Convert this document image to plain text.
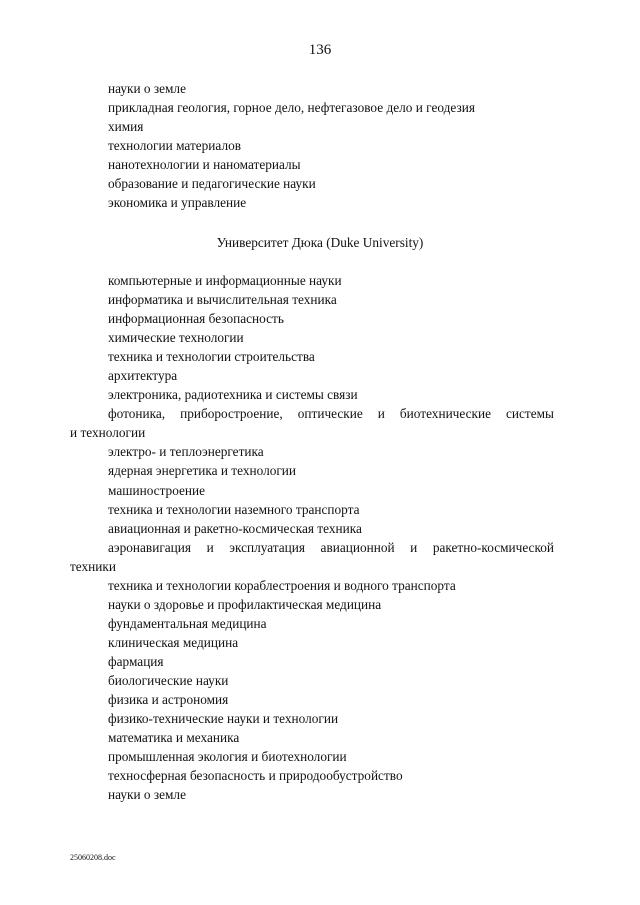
136
науки о земле
прикладная геология, горное дело, нефтегазовое дело и геодезия
химия
технологии материалов
нанотехнологии и наноматериалы
образование и педагогические науки
экономика и управление
Университет Дюка (Duke University)
компьютерные и информационные науки
информатика и вычислительная техника
информационная безопасность
химические технологии
техника и технологии строительства
архитектура
электроника, радиотехника и системы связи
фотоника, приборостроение, оптические и биотехнические системы
и технологии
электро- и теплоэнергетика
ядерная энергетика и технологии
машиностроение
техника и технологии наземного транспорта
авиационная и ракетно-космическая техника
аэронавигация и эксплуатация авиационной и ракетно-космической
техники
техника и технологии кораблестроения и водного транспорта
науки о здоровье и профилактическая медицина
фундаментальная медицина
клиническая медицина
фармация
биологические науки
физика и астрономия
физико-технические науки и технологии
математика и механика
промышленная экология и биотехнологии
техносферная безопасность и природообустройство
науки о земле
25060208.doc
